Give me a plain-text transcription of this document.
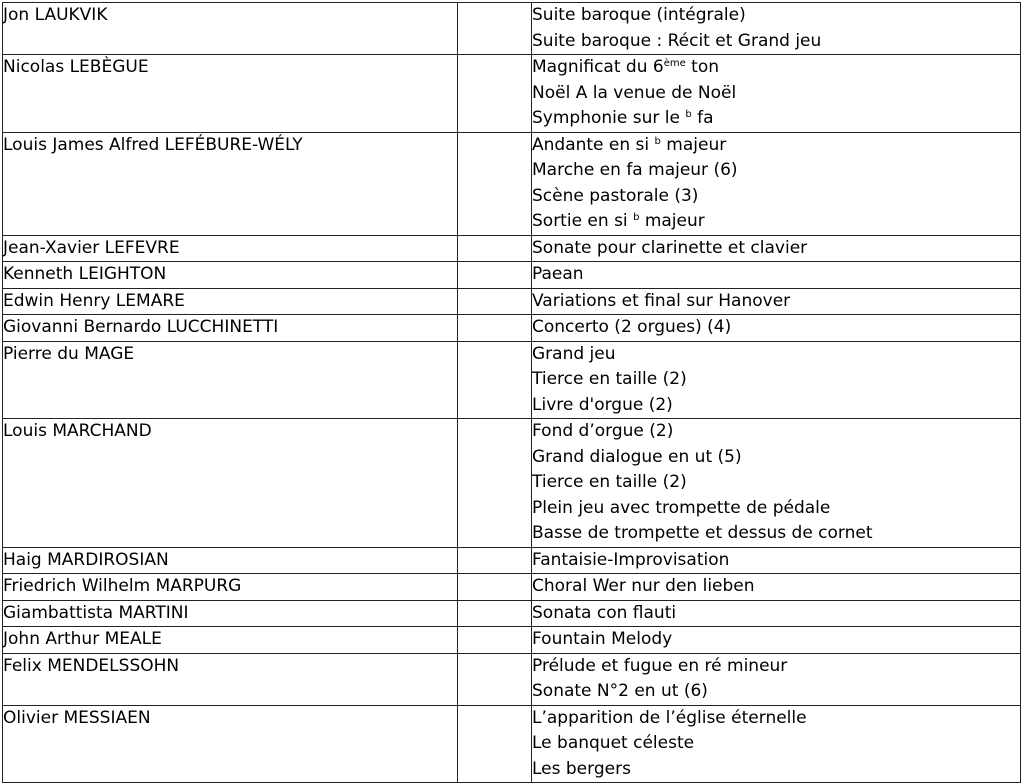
Jon LAUKVIK		Suite baroque (intégrale)
Suite baroque : Récit et Grand jeu

Nicolas LEBÈGUE		Magnificat du 6ème ton
Noël A la venue de Noël
Symphonie sur le $^b$ fa

Louis James Alfred LEFÉBURE-WÉLY		Andante en si $^b$ majeur
Marche en fa majeur (6)
Scène pastorale (3)
Sortie en si $^b$ majeur

Jean-Xavier LEFEVRE		Sonate pour clarinette et clavier

Kenneth LEIGHTON		Paean

Edwin Henry LEMARE		Variations et final sur Hanover

Giovanni Bernardo LUCCHINETTI		Concerto (2 orgues) (4)

Pierre du MAGE		Grand jeu
Tierce en taille (2)
Livre d'orgue (2)

Louis MARCHAND		Fond d’orgue (2)
Grand dialogue en ut (5)
Tierce en taille (2)
Plein jeu avec trompette de pédale
Basse de trompette et dessus de cornet

Haig MARDIROSIAN		Fantaisie-Improvisation

Friedrich Wilhelm MARPURG		Choral Wer nur den lieben

Giambattista MARTINI		Sonata con flauti

John Arthur MEALE		Fountain Melody

Felix MENDELSSOHN		Prélude et fugue en ré mineur
Sonate N°2 en ut (6)

Olivier MESSIAEN		L’apparition de l’église éternelle
Le banquet céleste
Les bergers
